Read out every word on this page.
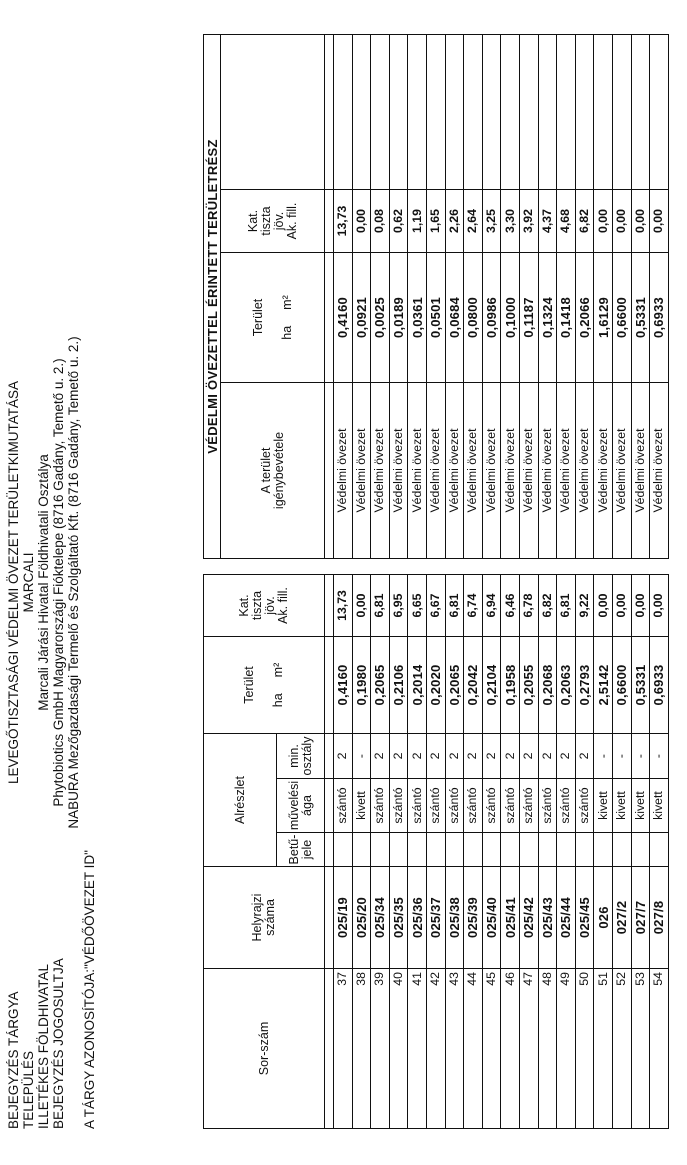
BEJEGYZÉS TÁRGYA TELEPÜLÉS ILLETÉKES FÖLDHIVATAL BEJEGYZÉS JOGOSULTJA
LEVEGŐTISZTASÁGI VÉDELMI ÖVEZET TERÜLETKIMUTATÁSA MARCALI Marcali Járási Hivatal Földhivatali Osztálya Phytobiotics GmbH Magyarországi Fióktelepe (8716 Gadány, Temető u. 2.) NABURA Mezőgazdasági Termelő és Szolgáltató Kft. (8716 Gadány, Temető u. 2.)
A TÁRGY AZONOSÍTÓJA:"VÉDŐÖVEZET ID"	Sor-szám	Helyrajzi száma	Alrészlet			Terület ham²	Kat. tiszta jöv. Ak. fill.		VÉDELMI ÖVEZETTEL ÉRINTETT TERÜLETRÉSZ			

								A terület igénybevétele	Terület ham²	Kat. tiszta jöv. Ak. fill.	

		Betű- jele	művelési ága	min. osztály							

37	025/19		szántó	2	0,4160	13,73		Védelmi övezet	0,4160	13,73	
38	025/20		kivett	-	0,1980	0,00		Védelmi övezet	0,0921	0,00	
39	025/34		szántó	2	0,2065	6,81		Védelmi övezet	0,0025	0,08	
40	025/35		szántó	2	0,2106	6,95		Védelmi övezet	0,0189	0,62	
41	025/36		szántó	2	0,2014	6,65		Védelmi övezet	0,0361	1,19	
42	025/37		szántó	2	0,2020	6,67		Védelmi övezet	0,0501	1,65	
43	025/38		szántó	2	0,2065	6,81		Védelmi övezet	0,0684	2,26	
44	025/39		szántó	2	0,2042	6,74		Védelmi övezet	0,0800	2,64	
45	025/40		szántó	2	0,2104	6,94		Védelmi övezet	0,0986	3,25	
46	025/41		szántó	2	0,1958	6,46		Védelmi övezet	0,1000	3,30	
47	025/42		szántó	2	0,2055	6,78		Védelmi övezet	0,1187	3,92	
48	025/43		szántó	2	0,2068	6,82		Védelmi övezet	0,1324	4,37	
49	025/44		szántó	2	0,2063	6,81		Védelmi övezet	0,1418	4,68	
50	025/45		szántó	2	0,2793	9,22		Védelmi övezet	0,2066	6,82	
51	026		kivett	-	2,5142	0,00		Védelmi övezet	1,6129	0,00	
52	027/2		kivett	-	0,6600	0,00		Védelmi övezet	0,6600	0,00	
53	027/7		kivett	-	0,5331	0,00		Védelmi övezet	0,5331	0,00	
54	027/8		kivett	-	0,6933	0,00		Védelmi övezet	0,6933	0,00	
